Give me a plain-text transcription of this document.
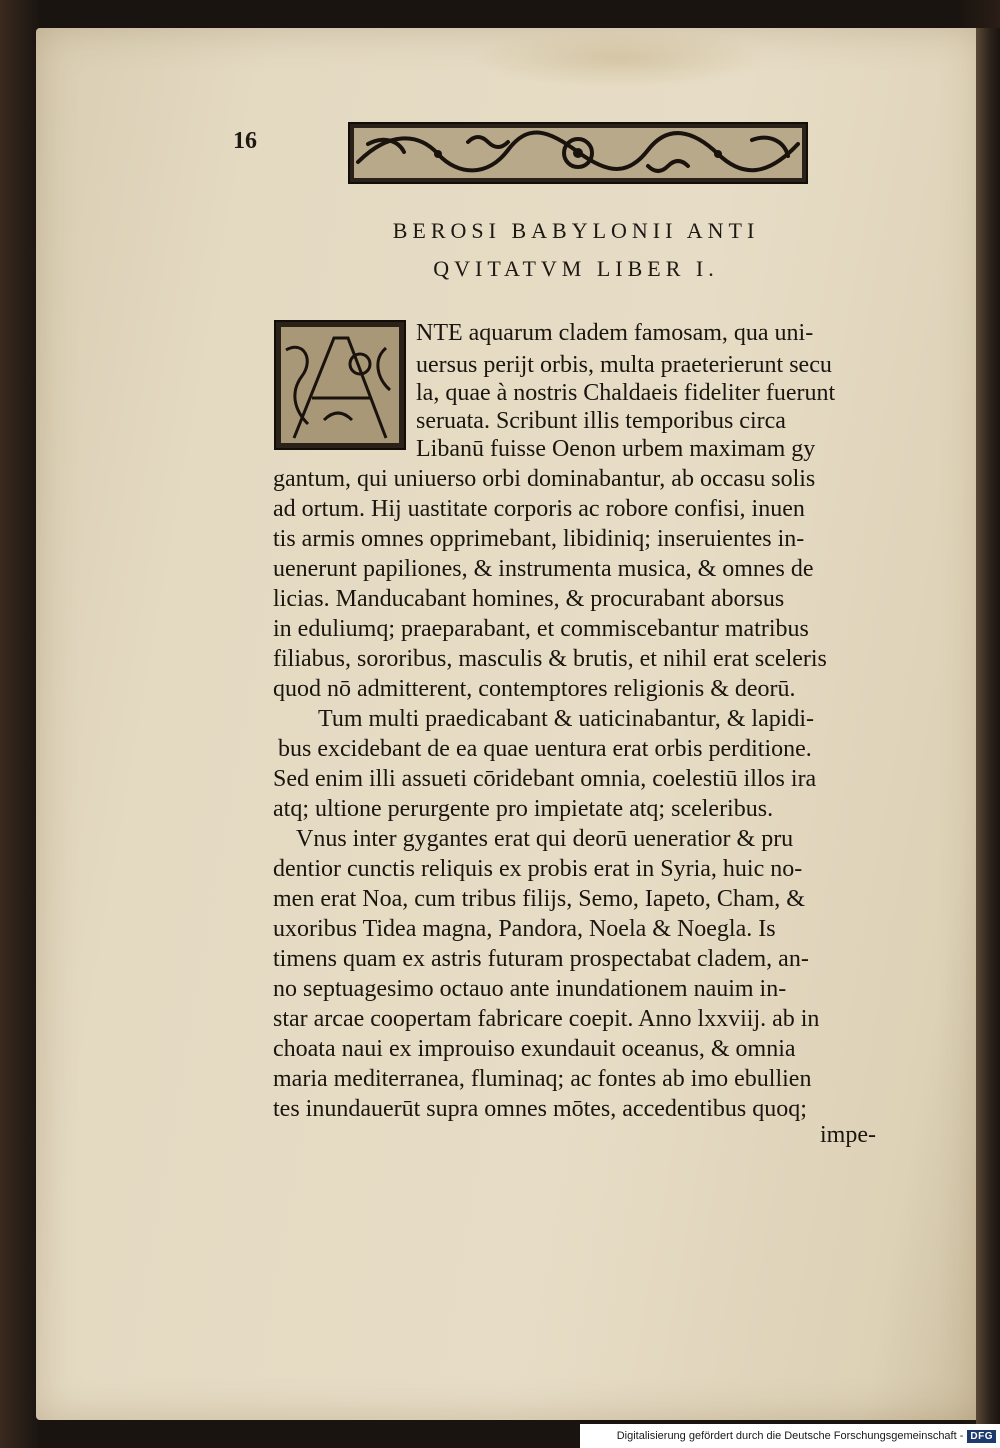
16
BEROSI BABYLONII ANTI
QVITATVM LIBER I.
NTE aquarum cladem famosam, qua uni-
uersus perijt orbis, multa praeterierunt secu
la, quae à nostris Chaldaeis fideliter fuerunt
seruata. Scribunt illis temporibus circa
Libanū fuisse Oenon urbem maximam gy
gantum, qui uniuerso orbi dominabantur, ab occasu solis
ad ortum. Hij uastitate corporis ac robore confisi, inuen
tis armis omnes opprimebant, libidiniq; inseruientes in-
uenerunt papiliones, & instrumenta musica, & omnes de
licias. Manducabant homines, & procurabant aborsus
in eduliumq; praeparabant, et commiscebantur matribus
filiabus, sororibus, masculis & brutis, et nihil erat sceleris
quod nō admitterent, contemptores religionis & deorū.
Tum multi praedicabant & uaticinabantur, & lapidi-
bus excidebant de ea quae uentura erat orbis perditione.
Sed enim illi assueti cōridebant omnia, coelestiū illos ira
atq; ultione perurgente pro impietate atq; sceleribus.
Vnus inter gygantes erat qui deorū ueneratior & pru
dentior cunctis reliquis ex probis erat in Syria, huic no-
men erat Noa, cum tribus filijs, Semo, Iapeto, Cham, &
uxoribus Tidea magna, Pandora, Noela & Noegla. Is
timens quam ex astris futuram prospectabat cladem, an-
no septuagesimo octauo ante inundationem nauim in-
star arcae coopertam fabricare coepit. Anno lxxviij. ab in
choata naui ex improuiso exundauit oceanus, & omnia
maria mediterranea, fluminaq; ac fontes ab imo ebullien
tes inundauerūt supra omnes mōtes, accedentibus quoq;
impe-
Digitalisierung gefördert durch die Deutsche Forschungsgemeinschaft - DFG
